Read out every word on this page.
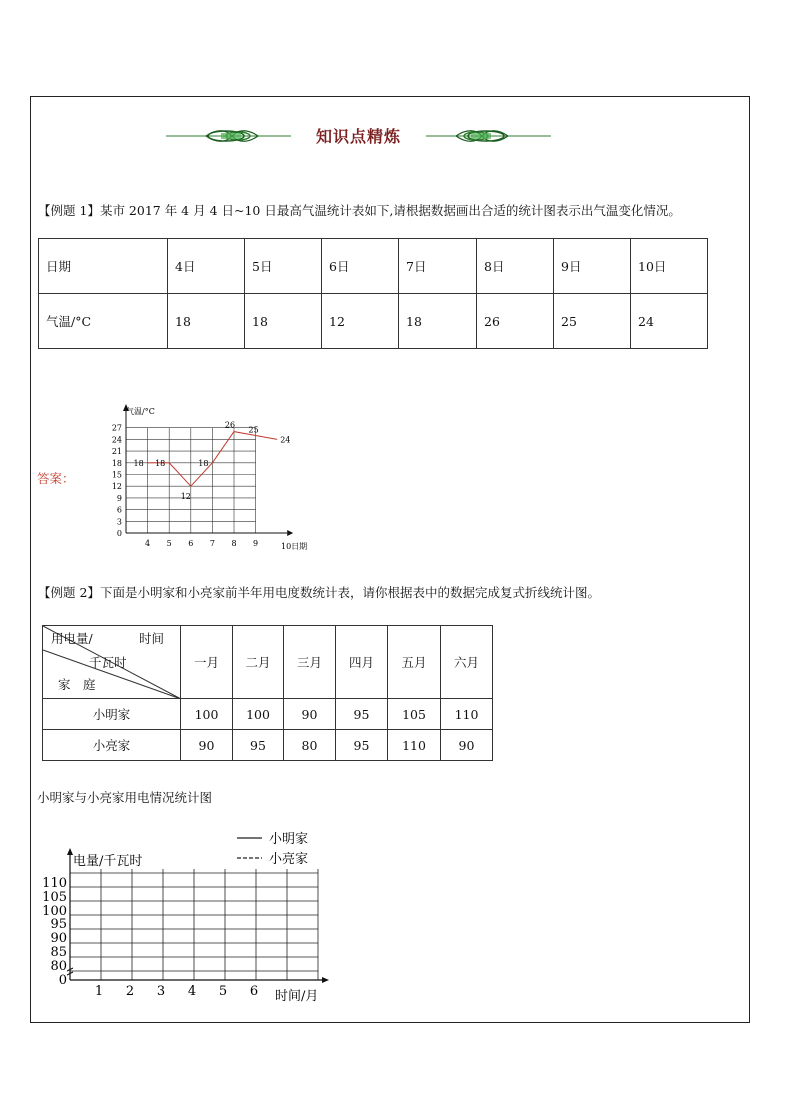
知识点精炼
【例题 1】某市 2017 年 4 月 4 日~10 日最高气温统计表如下,请根据数据画出合适的统计图表示出气温变化情况。
日期	4日	5日	6日	7日	8日	9日	10日
气温/°C	18	18	12	18	26	25	24
答案：
0
3
6
9
12
15
18
21
24
27
4 5 6 7 8 9
18 18
12
18
26
25
24
气温/°C
10日期
【例题 2】下面是小明家和小亮家前半年用电度数统计表，请你根据表中的数据完成复式折线统计图。
用电量/ 时间
千瓦时
家　庭	一月	二月	三月	四月	五月	六月
小明家	100	100	90	95	105	110
小亮家	90	95	80	95	110	90
小明家与小亮家用电情况统计图
小明家
小亮家
电量/千瓦时
时间/月
0
80
85
90
95
100
105
110
1 2 3 4 5 6
